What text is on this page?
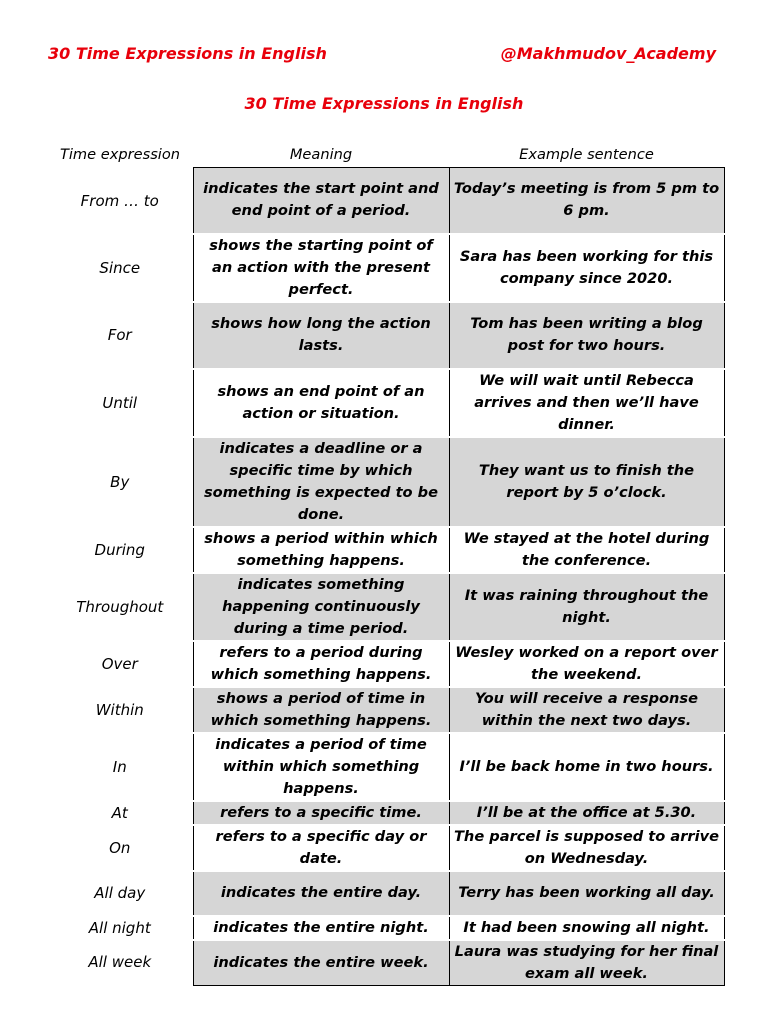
30 Time Expressions in English	@Makhmudov_Academy
30 Time Expressions in English
Time expression	Meaning	Example sentence
From … to	indicates the start point and end point of a period.	Today’s meeting is from 5 pm to 6 pm.
Since	shows the starting point of an action with the present perfect.	Sara has been working for this company since 2020.
For	shows how long the action lasts.	Tom has been writing a blog post for two hours.
Until	shows an end point of an action or situation.	We will wait until Rebecca arrives and then we’ll have dinner.
By	indicates a deadline or a specific time by which something is expected to be done.	They want us to finish the report by 5 o’clock.
During	shows a period within which something happens.	We stayed at the hotel during the conference.
Throughout	indicates something happening continuously during a time period.	It was raining throughout the night.
Over	refers to a period during which something happens.	Wesley worked on a report over the weekend.
Within	shows a period of time in which something happens.	You will receive a response within the next two days.
In	indicates a period of time within which something happens.	I’ll be back home in two hours.
At	refers to a specific time.	I’ll be at the office at 5.30.
On	refers to a specific day or date.	The parcel is supposed to arrive on Wednesday.
All day	indicates the entire day.	Terry has been working all day.
All night	indicates the entire night.	It had been snowing all night.
All week	indicates the entire week.	Laura was studying for her final exam all week.
